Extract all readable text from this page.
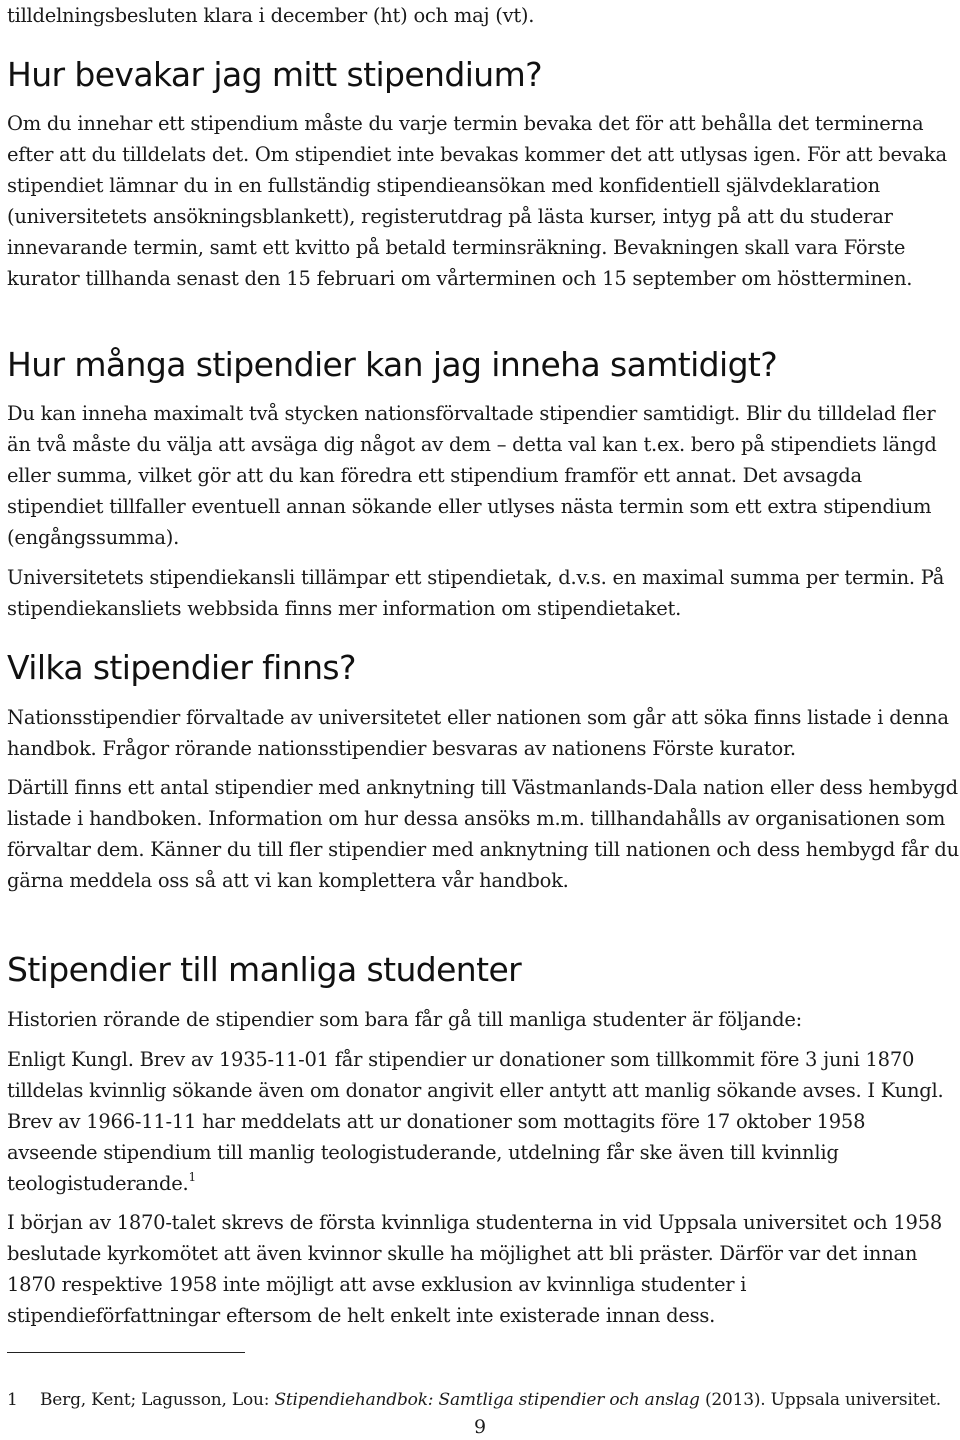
tilldelningsbesluten klara i december (ht) och maj (vt).

Hur bevakar jag mitt stipendium?

Om du innehar ett stipendium måste du varje termin bevaka det för att behålla det terminerna efter att du tilldelats det. Om stipendiet inte bevakas kommer det att utlysas igen. För att bevaka stipendiet lämnar du in en fullständig stipendieansökan med konfidentiell självdeklaration (universitetets ansökningsblankett), registerutdrag på lästa kurser, intyg på att du studerar innevarande termin, samt ett kvitto på betald terminsräkning. Bevakningen skall vara Förste kurator tillhanda senast den 15 februari om vårterminen och 15 september om höstterminen.

Hur många stipendier kan jag inneha samtidigt?

Du kan inneha maximalt två stycken nationsförvaltade stipendier samtidigt. Blir du tilldelad fler än två måste du välja att avsäga dig något av dem – detta val kan t.ex. bero på stipendiets längd eller summa, vilket gör att du kan föredra ett stipendium framför ett annat. Det avsagda stipendiet tillfaller eventuell annan sökande eller utlyses nästa termin som ett extra stipendium (engångssumma).

Universitetets stipendiekansli tillämpar ett stipendietak, d.v.s. en maximal summa per termin. På stipendiekansliets webbsida finns mer information om stipendietaket.

Vilka stipendier finns?

Nationsstipendier förvaltade av universitetet eller nationen som går att söka finns listade i denna handbok. Frågor rörande nationsstipendier besvaras av nationens Förste kurator.

Därtill finns ett antal stipendier med anknytning till Västmanlands-Dala nation eller dess hembygd listade i handboken. Information om hur dessa ansöks m.m. tillhandahålls av organisationen som förvaltar dem. Känner du till fler stipendier med anknytning till nationen och dess hembygd får du gärna meddela oss så att vi kan komplettera vår handbok.

Stipendier till manliga studenter

Historien rörande de stipendier som bara får gå till manliga studenter är följande:

Enligt Kungl. Brev av 1935-11-01 får stipendier ur donationer som tillkommit före 3 juni 1870 tilldelas kvinnlig sökande även om donator angivit eller antytt att manlig sökande avses. I Kungl. Brev av 1966-11-11 har meddelats att ur donationer som mottagits före 17 oktober 1958 avseende stipendium till manlig teologistuderande, utdelning får ske även till kvinnlig teologistuderande.$^1$

I början av 1870-talet skrevs de första kvinnliga studenterna in vid Uppsala universitet och 1958 beslutade kyrkomötet att även kvinnor skulle ha möjlighet att bli präster. Därför var det innan 1870 respektive 1958 inte möjligt att avse exklusion av kvinnliga studenter i stipendieförfattningar eftersom de helt enkelt inte existerade innan dess.

1 Berg, Kent; Lagusson, Lou: Stipendiehandbok: Samtliga stipendier och anslag (2013). Uppsala universitet.

9
